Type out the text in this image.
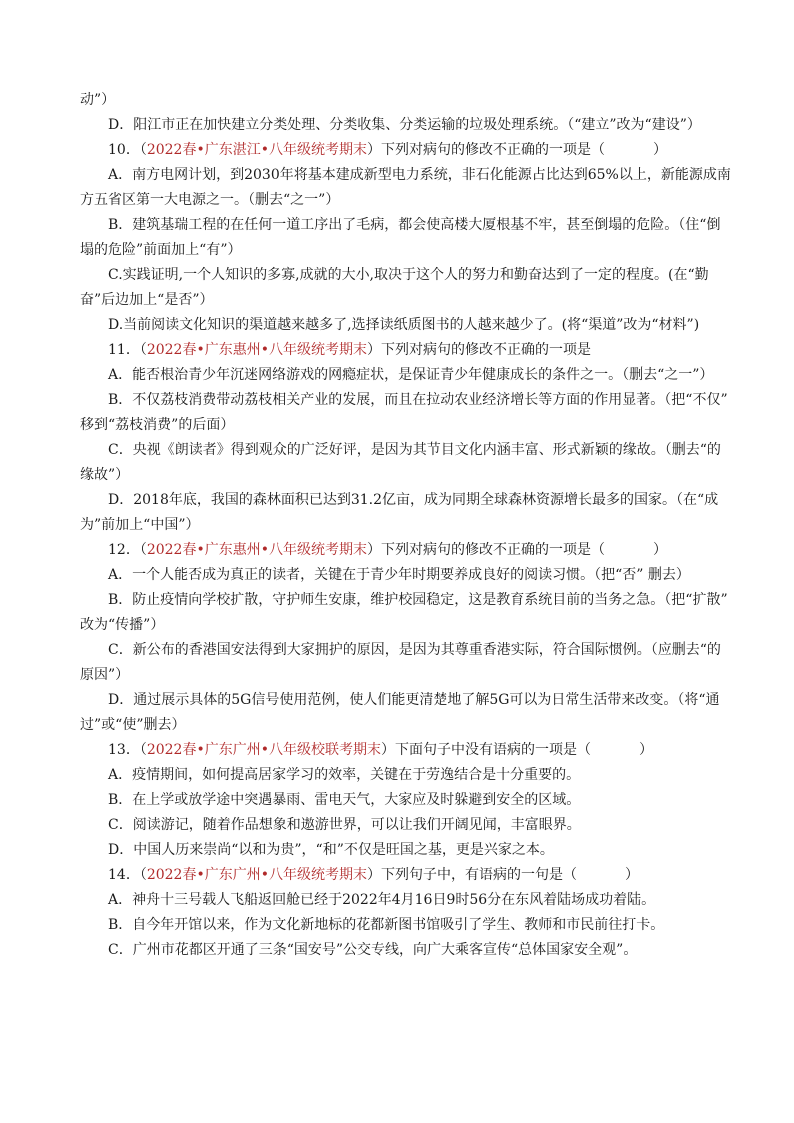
动”）
D．阳江市正在加快建立分类处理、分类收集、分类运输的垃圾处理系统。（“建立”改为“建设”）
10．（2022春•广东湛江•八年级统考期末）下列对病句的修改不正确的一项是（	）
A．南方电网计划，到2030年将基本建成新型电力系统，非石化能源占比达到65%以上，新能源成南
方五省区第一大电源之一。（删去“之一”）
B．建筑基瑞工程的在任何一道工序出了毛病，都会使高楼大厦根基不牢，甚至倒塌的危险。（住“倒
塌的危险”前面加上“有”）
C.实践证明,一个人知识的多寡,成就的大小,取决于这个人的努力和勤奋达到了一定的程度。(在“勤
奋”后边加上“是否”）
D.当前阅读文化知识的渠道越来越多了,选择读纸质图书的人越来越少了。(将“渠道”改为“材料”)
11．（2022春•广东惠州•八年级统考期末）下列对病句的修改不正确的一项是
A．能否根治青少年沉迷网络游戏的网瘾症状，是保证青少年健康成长的条件之一。（删去“之一”）
B．不仅荔枝消费带动荔枝相关产业的发展，而且在拉动农业经济增长等方面的作用显著。（把“不仅”
移到“荔枝消费”的后面）
C．央视《朗读者》得到观众的广泛好评，是因为其节目文化内涵丰富、形式新颖的缘故。（删去“的
缘故”）
D．2018年底，我国的森林面积已达到31.2亿亩，成为同期全球森林资源增长最多的国家。（在“成
为”前加上“中国”）
12．（2022春•广东惠州•八年级统考期末）下列对病句的修改不正确的一项是（	）
A．一个人能否成为真正的读者，关键在于青少年时期要养成良好的阅读习惯。（把“否” 删去）
B．防止疫情向学校扩散，守护师生安康，维护校园稳定，这是教育系统目前的当务之急。（把“扩散”
改为“传播”）
C．新公布的香港国安法得到大家拥护的原因，是因为其尊重香港实际，符合国际惯例。（应删去“的
原因”）
D．通过展示具体的5G信号使用范例，使人们能更清楚地了解5G可以为日常生活带来改变。（将“通
过”或“使”删去）
13．（2022春•广东广州•八年级校联考期末）下面句子中没有语病的一项是（	）
A．疫情期间，如何提高居家学习的效率，关键在于劳逸结合是十分重要的。
B．在上学或放学途中突遇暴雨、雷电天气，大家应及时躲避到安全的区域。
C．阅读游记，随着作品想象和遨游世界，可以让我们开阔见闻，丰富眼界。
D．中国人历来崇尚“以和为贵”，“和”不仅是旺国之基，更是兴家之本。
14．（2022春•广东广州•八年级统考期末）下列句子中，有语病的一句是（	）
A．神舟十三号载人飞船返回舱已经于2022年4月16日9时56分在东风着陆场成功着陆。
B．自今年开馆以来，作为文化新地标的花都新图书馆吸引了学生、教师和市民前往打卡。
C．广州市花都区开通了三条“国安号”公交专线，向广大乘客宣传“总体国家安全观”。
